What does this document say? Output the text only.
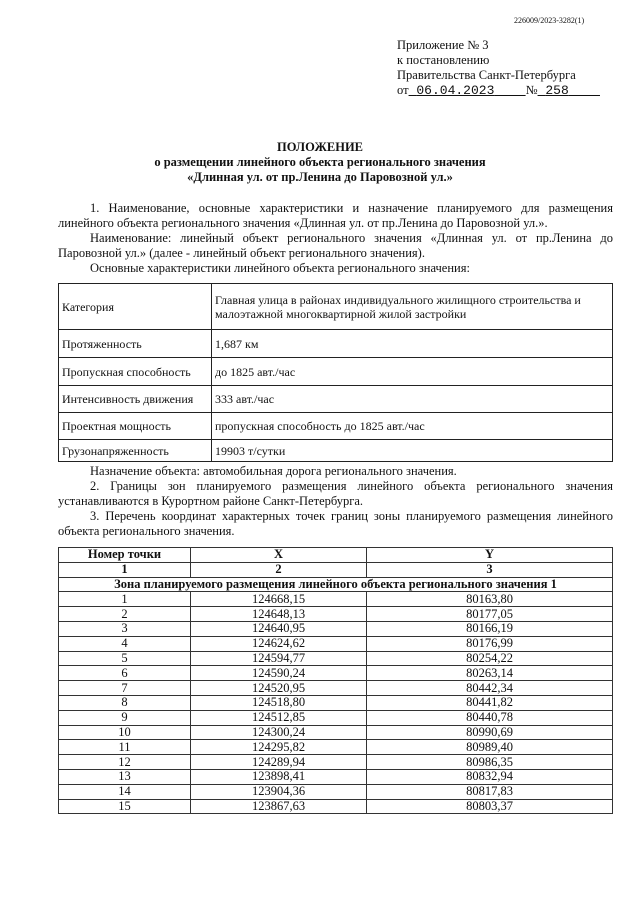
226009/2023-3282(1)
Приложение № 3
к постановлению
Правительства Санкт-Петербурга
от 06.04.2023 № 258
ПОЛОЖЕНИЕ
о размещении линейного объекта регионального значения
«Длинная ул. от пр.Ленина до Паровозной ул.»
1. Наименование, основные характеристики и назначение планируемого для размещения линейного объекта регионального значения «Длинная ул. от пр.Ленина до Паровозной ул.».
Наименование: линейный объект регионального значения «Длинная ул. от пр.Ленина до Паровозной ул.» (далее - линейный объект регионального значения).
Основные характеристики линейного объекта регионального значения:
Категория	Главная улица в районах индивидуального жилищного строительства и малоэтажной многоквартирной жилой застройки
Протяженность	1,687 км
Пропускная способность	до 1825 авт./час
Интенсивность движения	333 авт./час
Проектная мощность	пропускная способность до 1825 авт./час
Грузонапряженность	19903 т/сутки
Назначение объекта: автомобильная дорога регионального значения.
2. Границы зон планируемого размещения линейного объекта регионального значения устанавливаются в Курортном районе Санкт-Петербурга.
3. Перечень координат характерных точек границ зоны планируемого размещения линейного объекта регионального значения.
Номер точки	X	Y
1	2	3
Зона планируемого размещения линейного объекта регионального значения 1		
1	124668,15	80163,80
2	124648,13	80177,05
3	124640,95	80166,19
4	124624,62	80176,99
5	124594,77	80254,22
6	124590,24	80263,14
7	124520,95	80442,34
8	124518,80	80441,82
9	124512,85	80440,78
10	124300,24	80990,69
11	124295,82	80989,40
12	124289,94	80986,35
13	123898,41	80832,94
14	123904,36	80817,83
15	123867,63	80803,37
